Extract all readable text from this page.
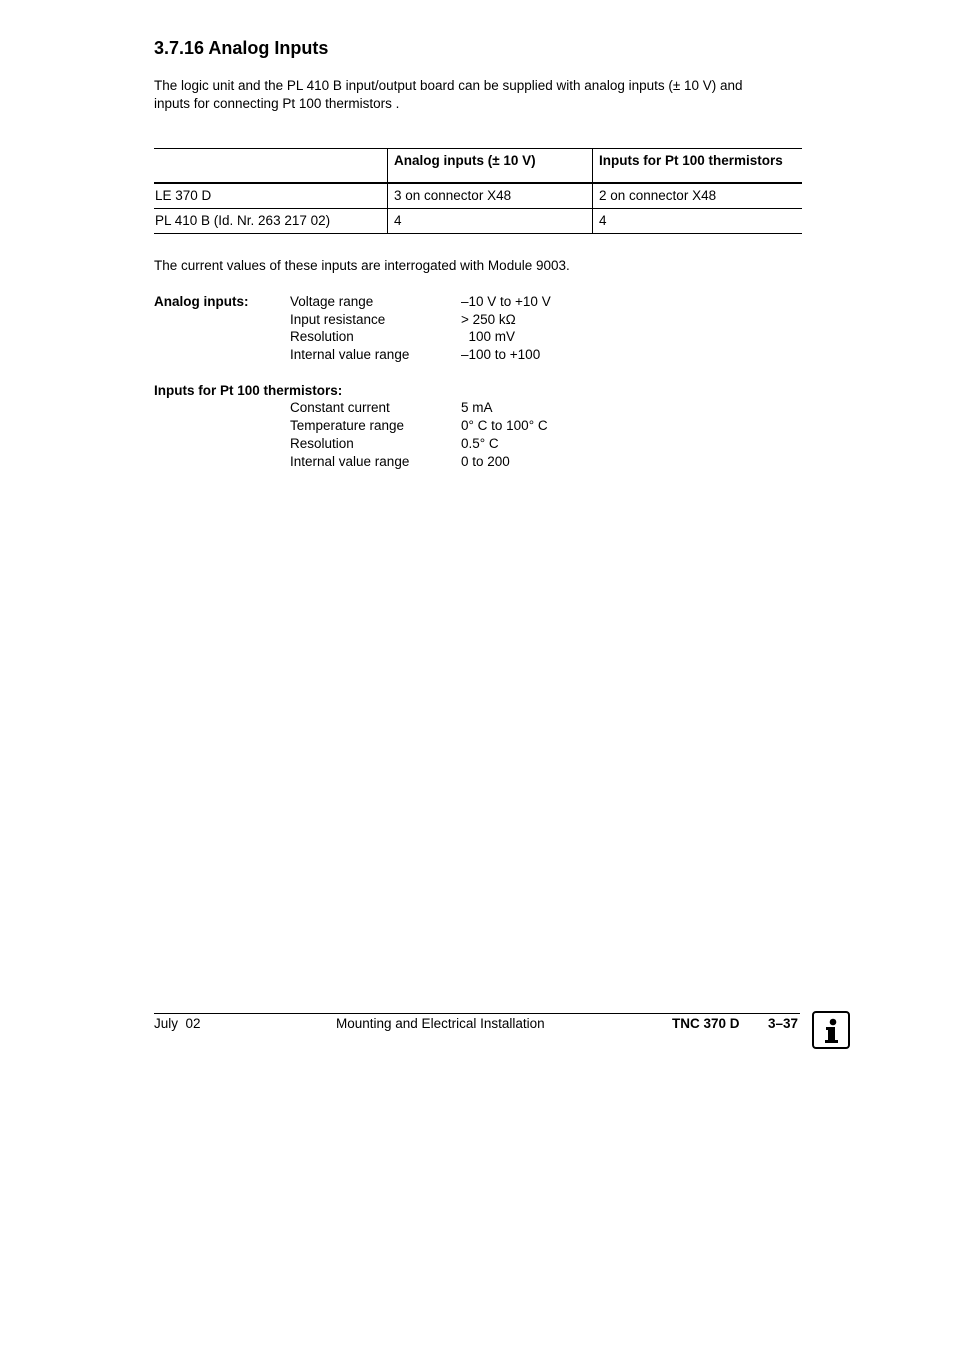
3.7.16 Analog Inputs

The logic unit and the PL 410 B input/output board can be supplied with analog inputs (± 10 V) and

inputs for connecting Pt 100 thermistors .

	Analog inputs (± 10 V)	Inputs for Pt 100 thermistors
LE 370 D	3 on connector X48	2 on connector X48
PL 410 B (Id. Nr. 263 217 02)	4	4
The current values of these inputs are interrogated with Module 9003.
Analog inputs:	Voltage range	–10 V to +10 V
Input resistance	> 250 kΩ
Resolution	100 mV
Internal value range	–100 to +100
Inputs for Pt 100 thermistors:
Constant current	5 mA
Temperature range	0° C to 100° C
Resolution	0.5° C
Internal value range	0 to 200
July  02	Mounting and Electrical Installation	TNC 370 D 3–37
